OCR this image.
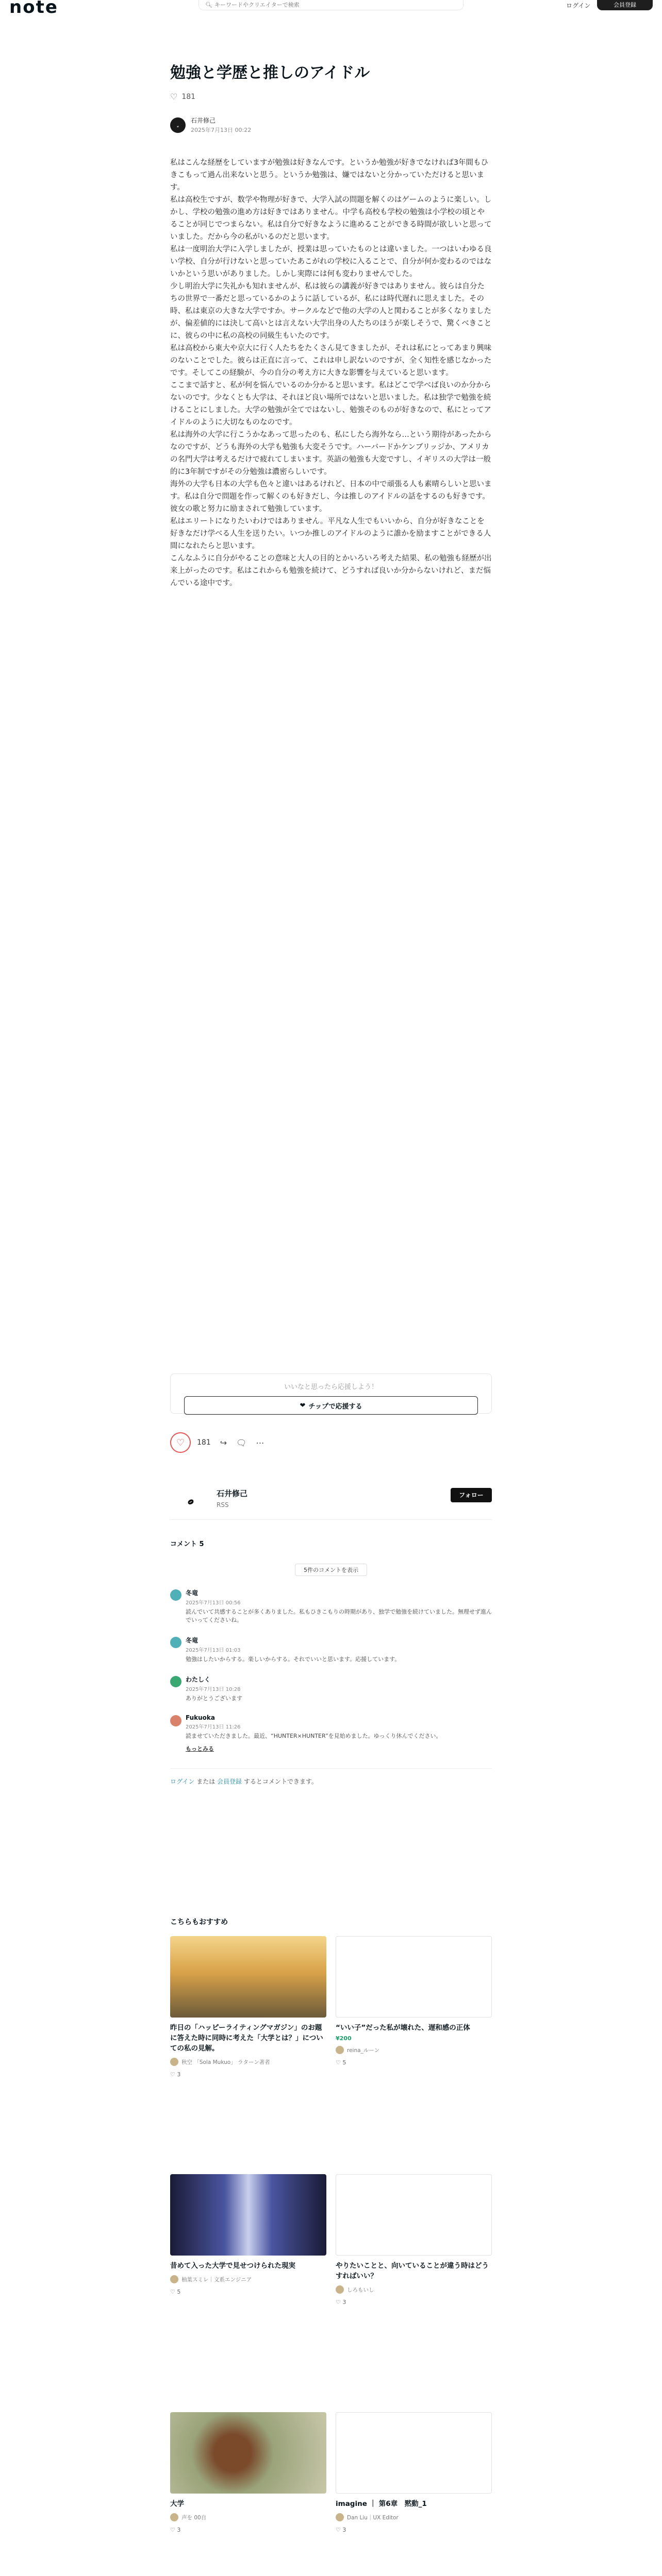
note	🔍︎
キーワードやクリエイターで検索	ログイン	会員登録
勉強と学歴と推しのアイドル
♡ 181
𝅗
石井修己
2025年7月13日 00:22

私はこんな経歴をしていますが勉強は好きなんです。というか勉強が好きでなければ3年間もひきこもって過ん出来ないと思う。というか勉強は、嫌ではないと分かっていただけると思います。

私は高校生ですが、数学や物理が好きで、大学入試の問題を解くのはゲームのように楽しい。しかし、学校の勉強の進め方は好きではありません。中学も高校も学校の勉強は小学校の頃とやることが同じでつまらない。私は自分で好きなように進めることができる時間が欲しいと思っていました。だから今の私がいるのだと思います。

私は一度明治大学に入学しましたが、授業は思っていたものとは違いました。一つはいわゆる良い学校、自分が行けないと思っていたあこがれの学校に入ることで、自分が何か変わるのではないかという思いがありました。しかし実際には何も変わりませんでした。

少し明治大学に失礼かも知れませんが、私は彼らの講義が好きではありません。彼らは自分たちの世界で一番だと思っているかのように話しているが、私には時代遅れに思えました。その時、私は東京の大きな大学ですか。サークルなどで他の大学の人と関わることが多くなりましたが、偏差値的には決して高いとは言えない大学出身の人たちのほうが楽しそうで、驚くべきことに、彼らの中に私の高校の同級生もいたのです。

私は高校から東大や京大に行く人たちをたくさん見てきましたが、それは私にとってあまり興味のないことでした。彼らは正直に言って、これは申し訳ないのですが、全く知性を感じなかったです。そしてこの経験が、今の自分の考え方に大きな影響を与えていると思います。

ここまで話すと、私が何を悩んでいるのか分かると思います。私はどこで学べば良いのか分からないのです。少なくとも大学は、それほど良い場所ではないと思いました。私は独学で勉強を続けることにしました。大学の勉強が全てではないし、勉強そのものが好きなので、私にとってアイドルのように大切なものなのです。

私は海外の大学に行こうかなあって思ったのも、私にしたら海外なら…という期待があったからなのですが、どうも海外の大学も勉強も大変そうです。ハーバードかケンブリッジか、アメリカの名門大学は考えるだけで疲れてしまいます。英語の勉強も大変ですし、イギリスの大学は一般的に3年制ですがその分勉強は濃密らしいです。

海外の大学も日本の大学も色々と違いはあるけれど、日本の中で頑張る人も素晴らしいと思います。私は自分で問題を作って解くのも好きだし、今は推しのアイドルの話をするのも好きです。彼女の歌と努力に励まされて勉強しています。

私はエリートになりたいわけではありません。平凡な人生でもいいから、自分が好きなことを好きなだけ学べる人生を送りたい。いつか推しのアイドルのように誰かを励ますことができる人間になれたらと思います。

こんなふうに自分がやることの意味と大人の目的とかいろいろ考えた結果、私の勉強も経歴が出来上がったのです。私はこれからも勉強を続けて、どうすれば良いか分からないけれど、まだ悩んでいる途中です。

いいなと思ったら応援しよう！
❤ チップで応援する
♡	181 ↪ 🗨︎ ⋯
𝅗	石井修己
RSS
フォロー
コメント 5
5件のコメントを表示
冬竜
2025年7月13日 00:56
読んでいて共感することが多くありました。私もひきこもりの時期があり、独学で勉強を続けていました。無理せず進んでいってくださいね。
冬竜
2025年7月13日 01:03
勉強はしたいからする。楽しいからする。それでいいと思います。応援しています。
わたしく
2025年7月13日 10:28
ありがとうございます
Fukuoka
2025年7月13日 11:26
読ませていただきました。最近、“HUNTER×HUNTER”を見始めました。ゆっくり休んでください。
もっとみる
ログイン または 会員登録 するとコメントできます。
こちらもおすすめ
昨日の「ハッピーライティングマガジン」のお題に答えた時に同時に考えた「大学とは？」についての私の見解。
秋空 「Sola Mukuo」 ラターン著者
♡ 3
“いい子”だった私が壊れた、遅和感の正体
¥200
reina_ルーン
♡ 5
昔めて入った大学で見せつけられた現実
柚葉スミレ｜文系エンジニア
♡ 5
やりたいことと、向いていることが違う時はどうすればいい？
しろもいし
♡ 3
大学
声を 00自
♡ 3
imagine ｜ 第6章　黙動_1
Dan Liu｜UX Editor
♡ 3
